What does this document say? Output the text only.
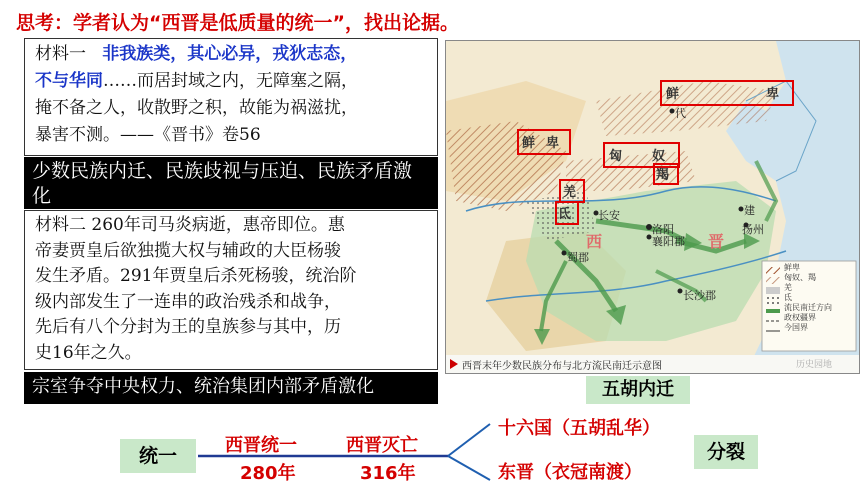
思考：学者认为“西晋是低质量的统一”，找出论据。
材料一 非我族类，其心必异，戎狄志态，
不与华同……而居封域之内，无障塞之隔，
掩不备之人，收散野之积，故能为祸滋扰，
暴害不测。——《晋书》卷56
少数民族内迁、民族歧视与压迫、民族矛盾激化
材料二 260年司马炎病逝，惠帝即位。惠
帝妻贾皇后欲独揽大权与辅政的大臣杨骏
发生矛盾。291年贾皇后杀死杨骏，统治阶
级内部发生了一连串的政治残杀和战争，
先后有八个分封为王的皇族参与其中，历
史16年之久。
宗室争夺中央权力、统治集团内部矛盾激化
鲜卑
匈奴、羯
羌
氐
流民南迁方向
政权疆界
今国界
鲜	卑
鲜 卑
匈 奴
羯
羌
氐
洛阳
长安
襄阳郡
扬州
蜀郡
长沙郡
建
代
西	晋
西晋末年少数民族分布与北方流民南迁示意图	历史园地
五胡内迁
统一	西晋统一
280年
西晋灭亡
316年
十六国（五胡乱华）
东晋（衣冠南渡）
分裂
